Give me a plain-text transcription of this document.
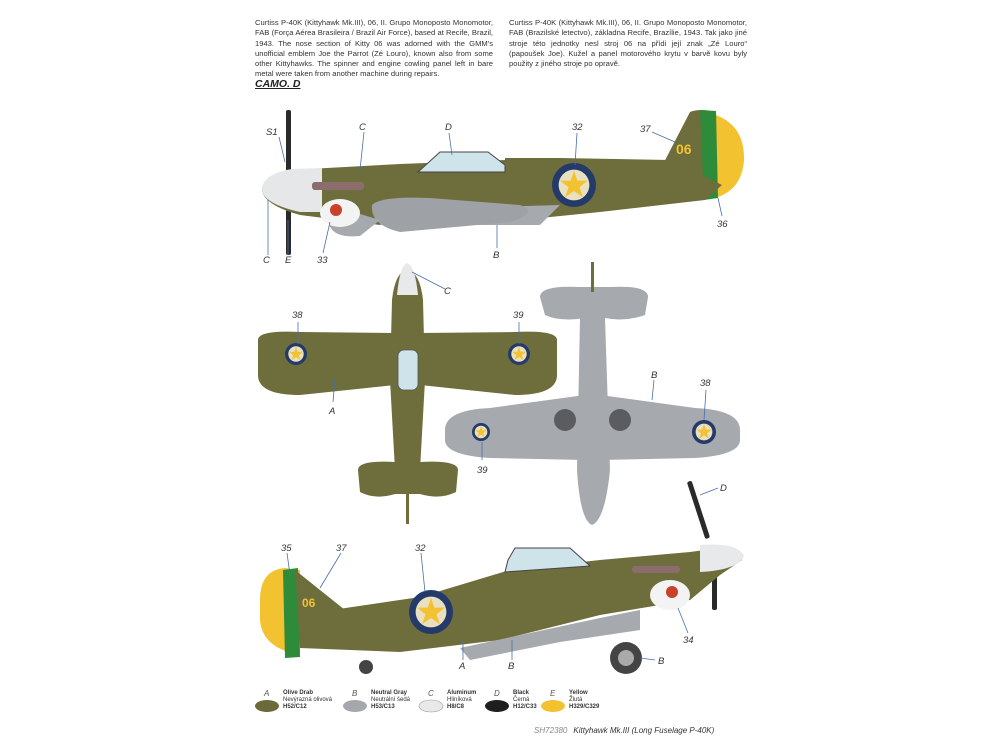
Curtiss P-40K (Kittyhawk Mk.III), 06, II. Grupo Monoposto Monomotor, FAB (Força Aérea Brasileira / Brazil Air Force), based at Recife, Brazil, 1943. The nose section of Kitty 06 was adorned with the GMM's unofficial emblem Joe the Parrot (Zé Louro), known also from some other Kittyhawks. The spinner and engine cowling panel left in bare metal were taken from another machine during repairs.
Curtiss P-40K (Kittyhawk Mk.III), 06, II. Grupo Monoposto Monomotor, FAB (Brazilské letectvo), základna Recife, Brazílie, 1943. Tak jako jiné stroje této jednotky nesl stroj 06 na přídi její znak „Zé Louro“ (papoušek Joe). Kužel a panel motorového krytu v barvě kovu byly použity z jiného stroje po opravě.
CAMO. D
06
S1	C	D	32	37
C E	33	B
36
C
38	39
A
B
38
39
06
35	37	32
D
A	B
34
B
A Olive Drab
Nevýrazná olivová
H52/C12
B Neutral Gray
Neutrální šedá
H53/C13
C Aluminum
Hliníková
H8/C8
D Black
Černá
H12/C33
E Yellow
Žlutá
H329/C329
SH72380 Kittyhawk Mk.III (Long Fuselage P-40K)
